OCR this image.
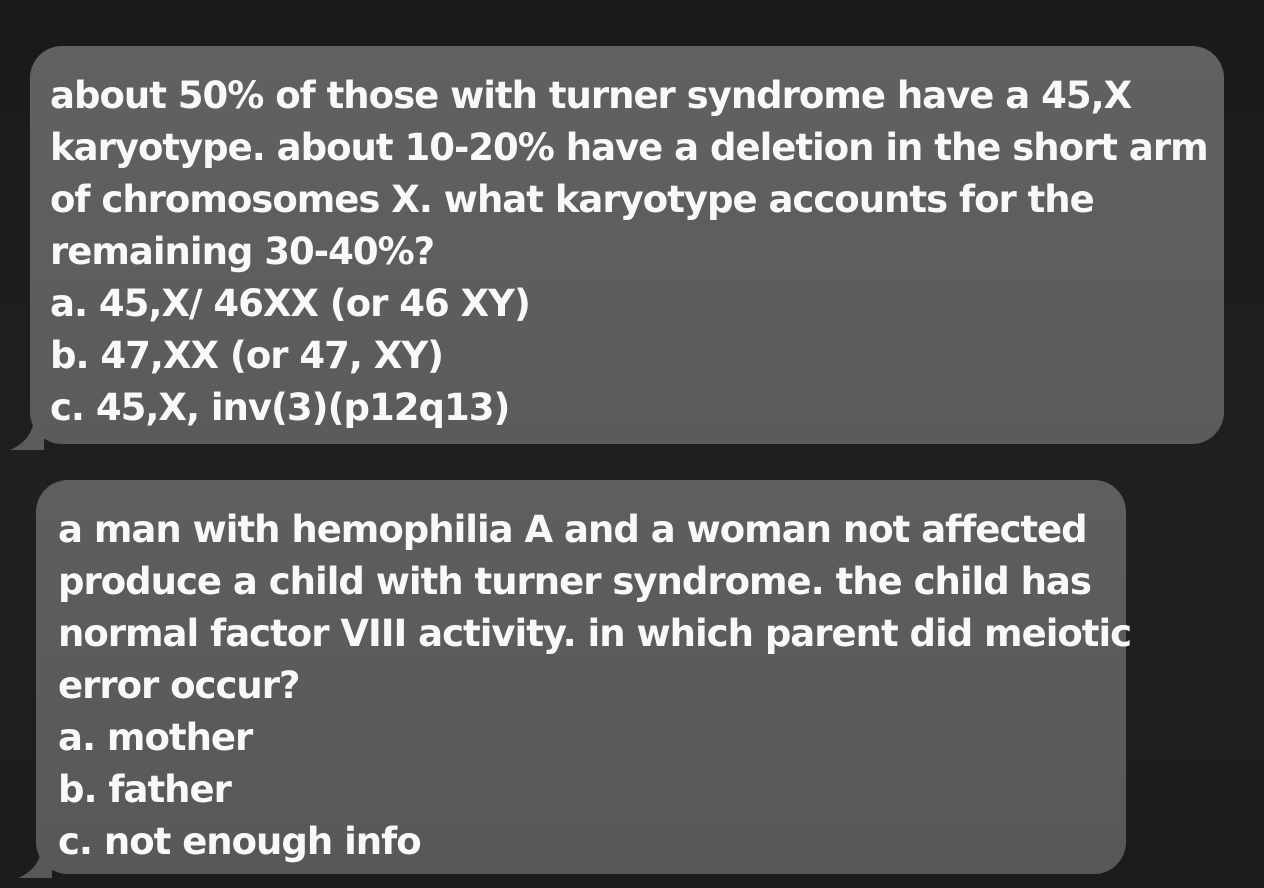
about 50% of those with turner syndrome have a 45,X
karyotype. about 10-20% have a deletion in the short arm
of chromosomes X. what karyotype accounts for the
remaining 30-40%?
a. 45,X/ 46XX (or 46 XY)
b. 47,XX (or 47, XY)
c. 45,X, inv(3)(p12q13)
a man with hemophilia A and a woman not affected
produce a child with turner syndrome. the child has
normal factor VIII activity. in which parent did meiotic
error occur?
a. mother
b. father
c. not enough info
